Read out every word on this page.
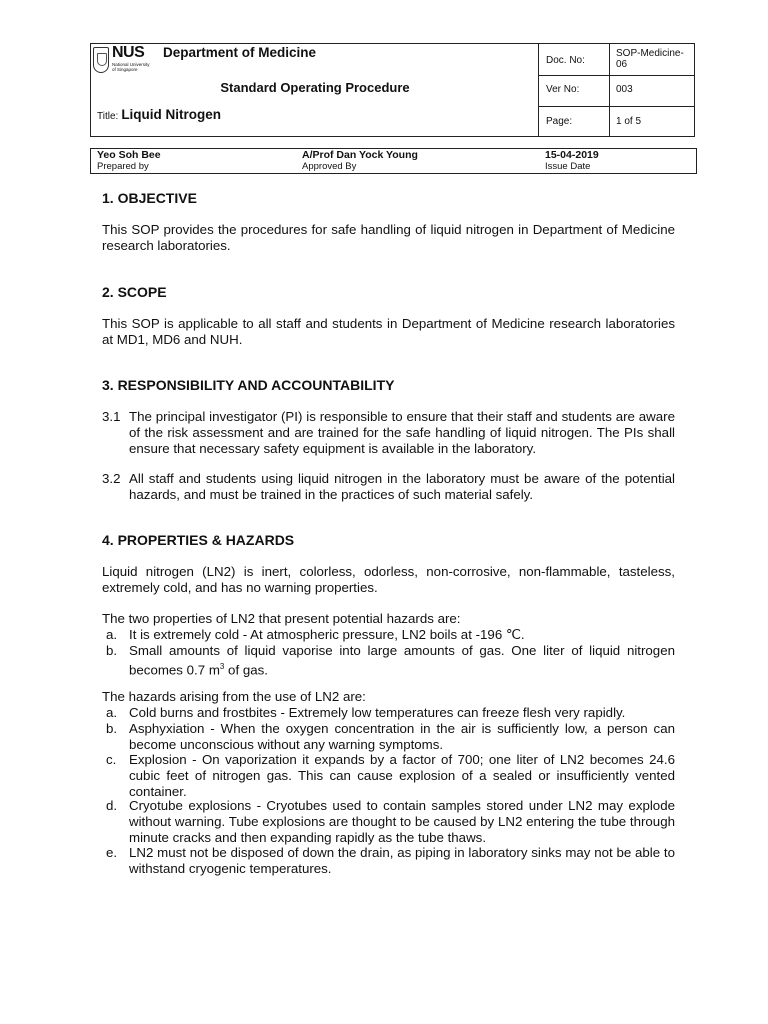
NUS
National University of Singapore
Department of Medicine
Standard Operating Procedure
Title: Liquid Nitrogen
Doc. No:
SOP-Medicine-06
Ver No:	003
Page:	1 of 5
Yeo Soh Bee
Prepared by
A/Prof Dan Yock Young
Approved By
15-04-2019
Issue Date
1. OBJECTIVE
This SOP provides the procedures for safe handling of liquid nitrogen in Department of Medicine research laboratories.
2. SCOPE
This SOP is applicable to all staff and students in Department of Medicine research laboratories at MD1, MD6 and NUH.
3. RESPONSIBILITY AND ACCOUNTABILITY
3.1 The principal investigator (PI) is responsible to ensure that their staff and students are aware of the risk assessment and are trained for the safe handling of liquid nitrogen. The PIs shall ensure that necessary safety equipment is available in the laboratory.
3.2 All staff and students using liquid nitrogen in the laboratory must be aware of the potential hazards, and must be trained in the practices of such material safely.
4. PROPERTIES & HAZARDS
Liquid nitrogen (LN2) is inert, colorless, odorless, non-corrosive, non-flammable, tasteless, extremely cold, and has no warning properties.
The two properties of LN2 that present potential hazards are:
a. It is extremely cold - At atmospheric pressure, LN2 boils at -196 ℃.
b. Small amounts of liquid vaporise into large amounts of gas. One liter of liquid nitrogen becomes 0.7 $m^3$ of gas.
The hazards arising from the use of LN2 are:
a. Cold burns and frostbites - Extremely low temperatures can freeze flesh very rapidly.
b. Asphyxiation - When the oxygen concentration in the air is sufficiently low, a person can become unconscious without any warning symptoms.
c. Explosion - On vaporization it expands by a factor of 700; one liter of LN2 becomes 24.6 cubic feet of nitrogen gas. This can cause explosion of a sealed or insufficiently vented container.
d. Cryotube explosions - Cryotubes used to contain samples stored under LN2 may explode without warning. Tube explosions are thought to be caused by LN2 entering the tube through minute cracks and then expanding rapidly as the tube thaws.
e. LN2 must not be disposed of down the drain, as piping in laboratory sinks may not be able to withstand cryogenic temperatures.
